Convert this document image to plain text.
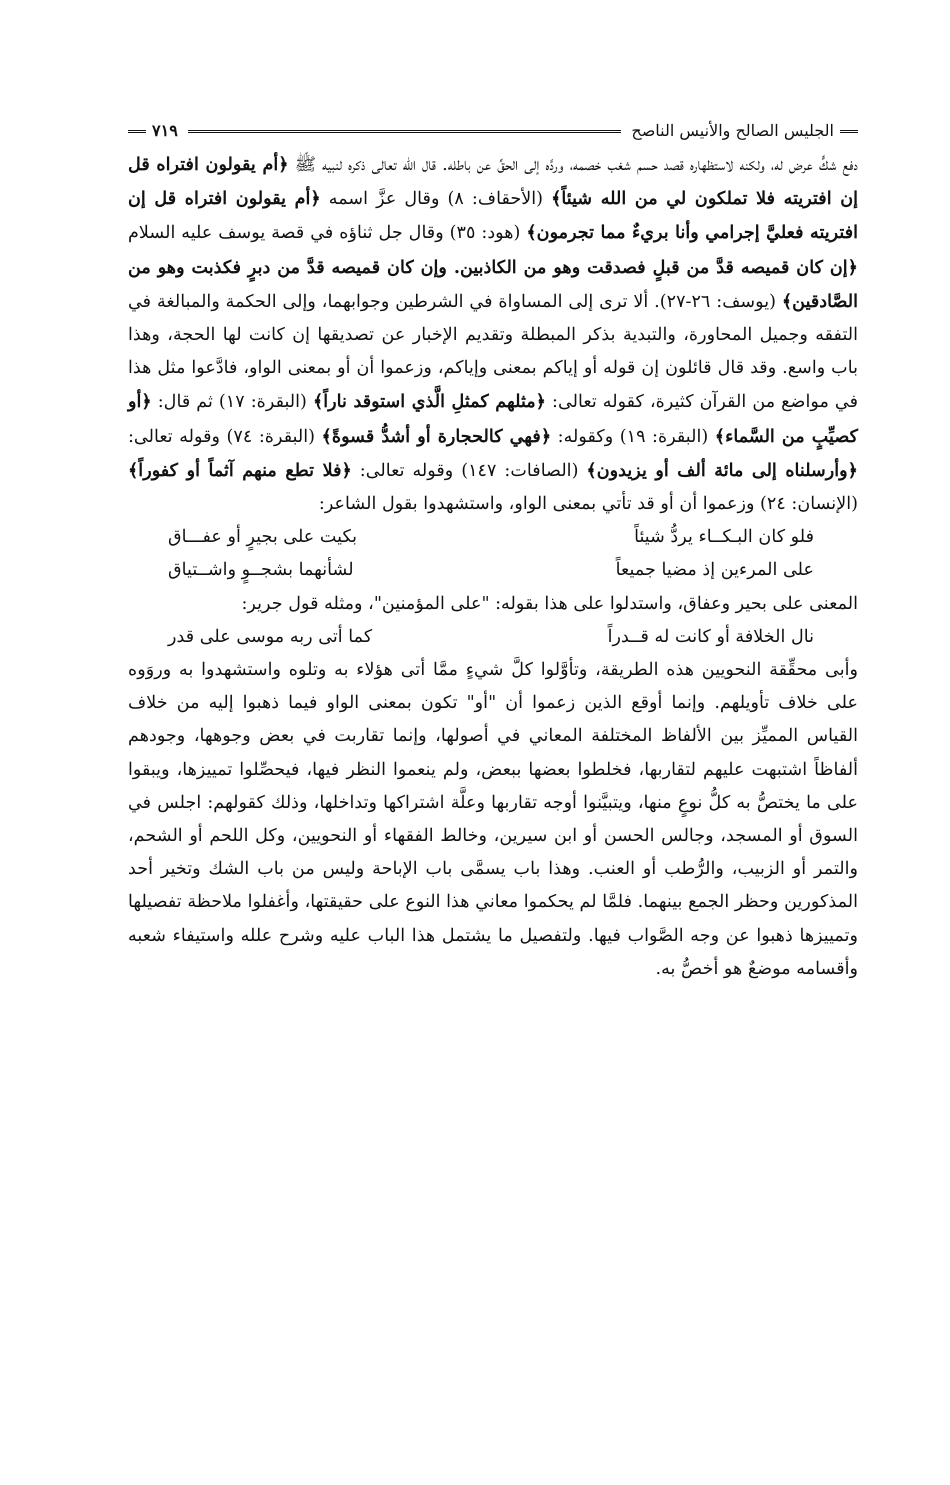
الجليس الصالح والأنيس الناصح
٧١٩

دفع شكٍّ عرض له، ولكنه لاستظهاره قصد حسم شغب خصمه، وردَّه إلى الحقِّ عن باطله. قال الله تعالى ذكره لنبيه ﷺ ﴿أم يقولون افتراه قل إن افتريته فلا تملكون لي من الله شيئاً﴾ (الأحقاف: ٨) وقال عزَّ اسمه ﴿أم يقولون افتراه قل إن افتريته فعليَّ إجرامي وأنا بريءٌ مما تجرمون﴾ (هود: ٣٥) وقال جل ثناؤه في قصة يوسف عليه السلام ﴿إن كان قميصه قدَّ من قبلٍ فصدقت وهو من الكاذبين. وإن كان قميصه قدَّ من دبرٍ فكذبت وهو من الصَّادقين﴾ (يوسف: ٢٦-٢٧). ألا ترى إلى المساواة في الشرطين وجوابهما، وإلى الحكمة والمبالغة في التفقه وجميل المحاورة، والتبدية بذكر المبطلة وتقديم الإخبار عن تصديقها إن كانت لها الحجة، وهذا باب واسع. وقد قال قائلون إن قوله أو إياكم بمعنى وإياكم، وزعموا أن أو بمعنى الواو، فادَّعوا مثل هذا في مواضع من القرآن كثيرة، كقوله تعالى: ﴿مثلهم كمثلِ الَّذي استوقد ناراً﴾ (البقرة: ١٧) ثم قال: ﴿أو كصيِّبٍ من السَّماء﴾ (البقرة: ١٩) وكقوله: ﴿فهي كالحجارة أو أشدُّ قسوةً﴾ (البقرة: ٧٤) وقوله تعالى: ﴿وأرسلناه إلى مائة ألف أو يزيدون﴾ (الصافات: ١٤٧) وقوله تعالى: ﴿فلا تطع منهم آثماً أو كفوراً﴾ (الإنسان: ٢٤) وزعموا أن أو قد تأتي بمعنى الواو، واستشهدوا بقول الشاعر:

فلو كان البـكــاء يردُّ شيئاً
بكيت على بجيرٍ أو عفـــاق
على المرءين إذ مضيا جميعاً
لشأنهما بشجــوٍ واشــتياق

المعنى على بحير وعفاق، واستدلوا على هذا بقوله: "على المؤمنين"، ومثله قول جرير:

نال الخلافة أو كانت له قــدراً
كما أتى ربه موسى على قدر

وأبى محقِّقة النحويين هذه الطريقة، وتأوَّلوا كلَّ شيءٍ ممَّا أتى هؤلاء به وتلوه واستشهدوا به وروَوه على خلاف تأويلهم. وإنما أوقع الذين زعموا أن "أو" تكون بمعنى الواو فيما ذهبوا إليه من خلاف القياس المميِّز بين الألفاظ المختلفة المعاني في أصولها، وإنما تقاربت في بعض وجوهها، وجودهم ألفاظاً اشتبهت عليهم لتقاربها، فخلطوا بعضها ببعض، ولم ينعموا النظر فيها، فيحصِّلوا تمييزها، ويبقوا على ما يختصُّ به كلُّ نوعٍ منها، ويتبيَّنوا أوجه تقاربها وعلَّة اشتراكها وتداخلها، وذلك كقولهم: اجلس في السوق أو المسجد، وجالس الحسن أو ابن سيرين، وخالط الفقهاء أو النحويين، وكل اللحم أو الشحم، والتمر أو الزبيب، والرُّطب أو العنب. وهذا باب يسمَّى باب الإباحة وليس من باب الشك وتخير أحد المذكورين وحظر الجمع بينهما. فلمَّا لم يحكموا معاني هذا النوع على حقيقتها، وأغفلوا ملاحظة تفصيلها وتمييزها ذهبوا عن وجه الصَّواب فيها. ولتفصيل ما يشتمل هذا الباب عليه وشرح علله واستيفاء شعبه وأقسامه موضعٌ هو أخصُّ به.
